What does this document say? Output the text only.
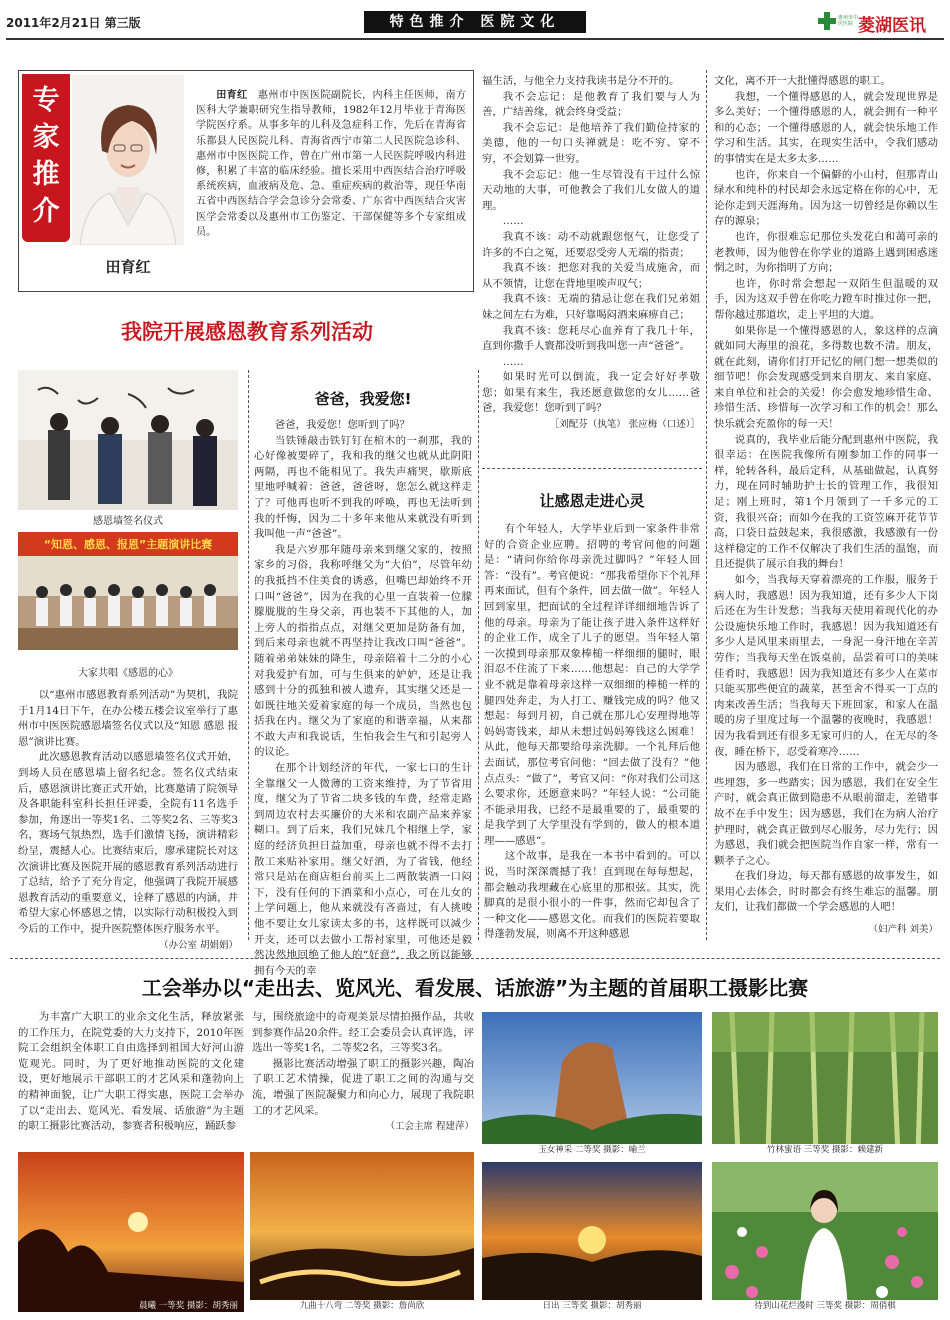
2011年2月21日 第三版	特色推介 医院文化	惠州市中医医院 菱湖医讯
专家推介
田育红

田育红　 惠州市中医医院副院长，内科主任医师，南方医科大学兼职研究生指导教师，1982年12月毕业于青海医学院医疗系。从事多年的儿科及急症科工作，先后在青海省乐都县人民医院儿科、青海省西宁市第二人民医院急诊科、惠州市中医医院工作，曾在广州市第一人民医院呼吸内科进修，积累了丰富的临床经验。擅长采用中西医结合治疗呼吸系统疾病，血液病及危、急、重症疾病的救治等，现任华南五省中西医结合学会急诊分会常委、广东省中西医结合灾害医学会常委以及惠州市工伤鉴定、干部保健等多个专家组成员。

福生活，与他全力支持我读书是分不开的。

我不会忘记：是他教育了我们要与人为善，广结善缘，就会终身受益；

我不会忘记：是他培养了我们勤俭持家的美德，他的一句口头禅就是：吃不穷、穿不穷，不会划算一世穷。

我不会忘记：他一生尽管没有干过什么惊天动地的大事，可他教会了我们儿女做人的道理。

……

我真不该：动不动就跟您怄气，让您受了许多的不白之冤，还要忍受旁人无端的指责；

我真不该：把您对我的关爱当成施舍，而从不领情，让您在背地里唉声叹气；

我真不该：无端的猜忌让您在我们兄弟姐妹之间左右为难，只好靠喝闷酒来麻痹自己；

我真不该：您耗尽心血养育了我几十年，直到你撒手人寰都没听到我叫您一声“爸爸”。

……

如果时光可以倒流，我一定会好好孝敬您；如果有来生，我还愿意做您的女儿……爸爸，我爱您！您听到了吗？

［刘配芬（执笔） 张应梅（口述）］

文化，离不开一大批懂得感恩的职工。

我想，一个懂得感恩的人，就会发现世界是多么美好；一个懂得感恩的人，就会拥有一种平和的心态；一个懂得感恩的人，就会快乐地工作学习和生活。其实，在现实生活中，令我们感动的事情实在是太多太多……

也许，你来自一个偏僻的小山村，但那青山绿水和纯朴的村民却会永远定格在你的心中，无论你走到天涯海角。因为这一切曾经是你赖以生存的源泉；

也许，你很难忘记那位头发花白和蔼可亲的老教师，因为他曾在你学业的道路上遇到困惑迷惘之时，为你指明了方向；

也许，你时常会想起一双陌生但温暖的双手，因为这双手曾在你吃力蹬车时推过你一把，帮你越过那道坎，走上平坦的大道。

如果你是一个懂得感恩的人，象这样的点滴就如同大海里的浪花，多得数也数不清。朋友，就在此刻，请你们打开记忆的闸门想一想类似的细节吧！你会发现感受到来自朋友、来自家庭、来自单位和社会的关爱！你会愈发地珍惜生命、珍惜生活、珍惜每一次学习和工作的机会！那么快乐就会充盈你的每一天！

说真的，我毕业后能分配到惠州中医院，我很幸运：在医院我像所有刚参加工作的同事一样，轮转各科，最后定科，从基础做起，认真努力，现在同时辅助护士长的管理工作，我很知足；刚上班时，第1个月领到了一千多元的工资，我很兴奋；而如今在我的工资笠麻开花节节高，口袋日益鼓起来，我很感激，我感激有一份这样稳定的工作不仅解决了我们生活的温饱，而且还提供了展示自我的舞台！

如今，当我每天穿着漂亮的工作服，服务于病人时，我感恩！因为我知道，还有多少人下岗后还在为生计发愁；当我每天使用着现代化的办公设施快乐地工作时，我感恩！因为我知道还有多少人是风里来雨里去，一身泥一身汗地在辛苦劳作；当我每天坐在饭桌前，品尝着可口的美味佳肴时，我感恩！因为我知道还有多少人在菜市只能买那些便宜的蔬菜，甚至舍不得买一丁点的肉来改善生活；当我每天下班回家，和家人在温暖的房子里度过每一个温馨的夜晚时，我感恩！因为我看到还有很多无家可归的人，在无尽的冬夜，睡在桥下，忍受着寒冷……

因为感恩，我们在日常的工作中，就会少一些埋怨，多一些踏实；因为感恩，我们在安全生产时，就会真正做到隐患不从眼前溜走，差错事故不在手中发生；因为感恩，我们在为病人治疗护理时，就会真正做到尽心服务，尽力先行；因为感恩，我们就会把医院当作自家一样，常有一颗孝子之心。

在我们身边，每天都有感恩的故事发生，如果用心去体会，时时都会有终生难忘的温馨。朋友们，让我们都做一个学会感恩的人吧！

（妇产科 刘美）

我院开展感恩教育系列活动
感恩墙签名仪式
“知恩、感恩、报恩”主题演讲比赛
大家共唱《感恩的心》

以“惠州市感恩教育系列活动”为契机，我院于1月14日下午，在办公楼五楼会议室举行了惠州市中医医院感恩墙签名仪式以及“知恩 感恩 报恩”演讲比赛。

此次感恩教育活动以感恩墙签名仪式开始，到场人员在感恩墙上留名纪念。签名仪式结束后，感恩演讲比赛正式开始，比赛邀请了院领导及各职能科室科长担任评委，全院有11名选手参加，角逐出一等奖1名、二等奖2名、三等奖3名，赛场气氛热烈，选手们激情飞扬，演讲精彩纷呈，震撼人心。比赛结束后，廖承建院长对这次演讲比赛及医院开展的感恩教育系列活动进行了总结，给予了充分肯定，他强调了我院开展感恩教育活动的重要意义，诠释了感恩的内涵，并希望大家心怀感恩之情，以实际行动积极投入到今后的工作中，提升医院整体医疗服务水平。

（办公室 胡娟娟）

爸爸，我爱您!

爸爸，我爱您！您听到了吗？

当铁锤敲击铁钉钉在棺木的一刹那，我的心好像被要碎了，我和我的继父也就从此阴阳两隔，再也不能相见了。我失声痛哭，歇斯底里地呼喊着：爸爸，爸爸呀，您怎么就这样走了？可他再也听不到我的呼唤，再也无法听到我的忏悔，因为二十多年来他从来就没有听到我叫他一声“爸爸”。

我是六岁那年随母亲来到继父家的，按照家乡的习俗，我称呼继父为“大伯”，尽管年幼的我抵挡不住美食的诱惑，但嘴巴却始终不开口叫“爸爸”，因为在我的心里一直装着一位朦朦胧胧的生身父亲，再也装不下其他的人，加上旁人的指指点点，对继父更加是防备有加，到后来母亲也就不再坚持让我改口叫“爸爸”。随着弟弟妹妹的降生，母亲陪着十二分的小心对我爱护有加，可与生俱来的妒妒，还是让我感到十分的孤独和被人遗弃，其实继父还是一如既往地关爱着家庭的每一个成员，当然也包括我在内。继父为了家庭的和谐幸福，从来都不敢大声和我说话，生怕我会生气和引起旁人的议论。

在那个计划经济的年代，一家七口的生计全靠继父一人微薄的工资来维持，为了节省用度，继父为了节省二块多钱的车费，经常走路到周边农村去买廉价的大米和农副产品来养家糊口。到了后来，我们兄妹几个相继上学，家庭的经济负担日益加重，母亲也就不得不去打散工来贴补家用。继父好酒，为了省钱，他经常只是站在商店柜台前买上二两散装酒一口闷下，没有任何的下酒菜和小点心，可在儿女的上学问题上，他从来就没有吝啬过，有人挑唆他不要让女儿家读太多的书，这样既可以减少开支，还可以去做小工帮衬家里，可他还是毅然决然地回绝了他人的“好意”，我之所以能够拥有今天的幸

让感恩走进心灵

有个年轻人，大学毕业后到一家条件非常好的合资企业应聘。招聘的考官问他的问题是：“请问你给你母亲洗过脚吗？”年轻人回答：“没有”。考官便说：“那我希望你下个礼拜再来面试，但有个条件，回去做一做”。年轻人回到家里，把面试的全过程详详细细地告诉了他的母亲。母亲为了能让孩子进入条件这样好的企业工作，成全了儿子的愿望。当年轻人第一次摸到母亲那双象棒槌一样细细的腿时，眼泪忍不住流了下来……他想起：自己的大学学业不就是靠着母亲这样一双细细的棒槌一样的腿四处奔走，为人打工、赚钱完成的吗？他又想起：每到月初，自己就在那儿心安理得地等妈妈寄钱来，却从未想过妈妈筹钱这么困难！从此，他每天都要给母亲洗脚。一个礼拜后他去面试，那位考官问他：“回去做了没有？”他点点头：“做了”，考官又问：“你对我们公司这么要求你，还愿意来吗？”年轻人说：“公司能不能录用我，已经不是最重要的了，最重要的是我学到了大学里没有学到的，做人的根本道理——感恩”。

这个故事，是我在一本书中看到的。可以说，当时深深震撼了我！直到现在每每想起，都会触动我埋藏在心底里的那根弦。其实，洗脚真的是很小很小的一件事，然而它却包含了一种文化——感恩文化。而我们的医院若要取得蓬勃发展，则离不开这种感恩

工会举办以“走出去、览风光、看发展、话旅游”为主题的首届职工摄影比赛

为丰富广大职工的业余文化生活，释放紧张的工作压力，在院党委的大力支持下，2010年医院工会组织全体职工自由选择到祖国大好河山游览观光。同时，为了更好地推动医院的文化建设，更好地展示干部职工的才艺风采和蓬勃向上的精神面貌，让广大职工得实惠，医院工会举办了以“走出去、览风光、看发展、话旅游”为主题的职工摄影比赛活动，参赛者积极响应，踊跃参

与，围绕旅途中的奇观美景尽情拍摄作品，共收到参赛作品20余件。经工会委员会认真评选，评选出一等奖1名，二等奖2名，三等奖3名。

摄影比赛活动增强了职工的摄影兴趣，陶冶了职工艺术情操，促进了职工之间的沟通与交流，增强了医院凝聚力和向心力，展现了我院职工的才艺风采。

（工会主席 程建萍）

玉女神采 二等奖 摄影：喻兰	竹林蜜语 三等奖 摄影：赖建新
晨曦 一等奖 摄影：胡秀丽	九曲十八弯 二等奖 摄影：詹尚欣	日出 三等奖 摄影：胡秀丽	待到山花烂漫时 三等奖 摄影：周俏棋
